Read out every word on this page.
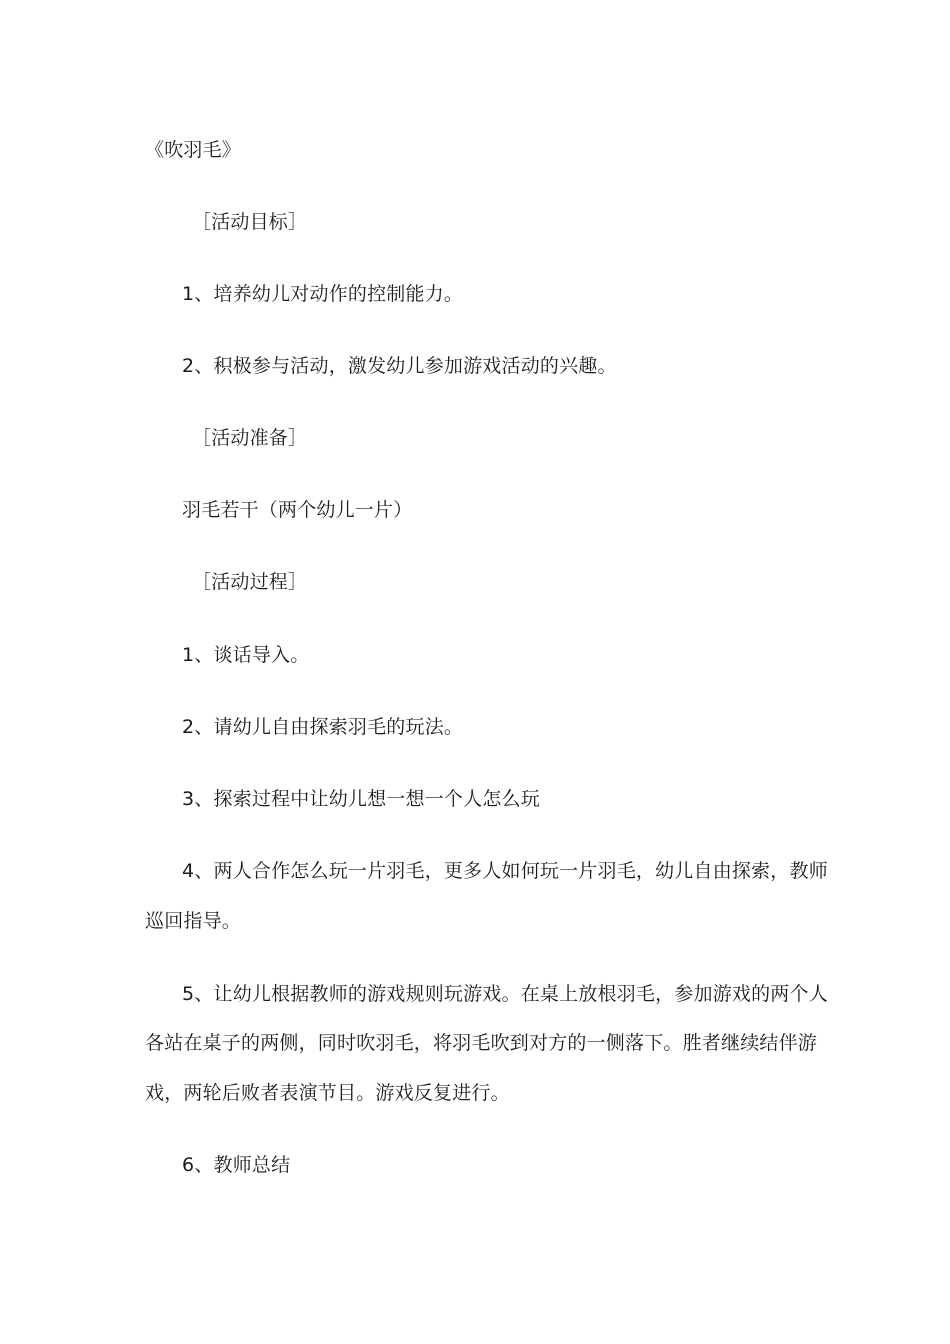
《吹羽毛》
［活动目标］
1、培养幼儿对动作的控制能力。
2、积极参与活动，激发幼儿参加游戏活动的兴趣。
［活动准备］
羽毛若干（两个幼儿一片）
［活动过程］
1、谈话导入。
2、请幼儿自由探索羽毛的玩法。
3、探索过程中让幼儿想一想一个人怎么玩
4、两人合作怎么玩一片羽毛，更多人如何玩一片羽毛，幼儿自由探索，教师
巡回指导。
5、让幼儿根据教师的游戏规则玩游戏。在桌上放根羽毛，参加游戏的两个人
各站在桌子的两侧，同时吹羽毛，将羽毛吹到对方的一侧落下。胜者继续结伴游
戏，两轮后败者表演节目。游戏反复进行。
6、教师总结
